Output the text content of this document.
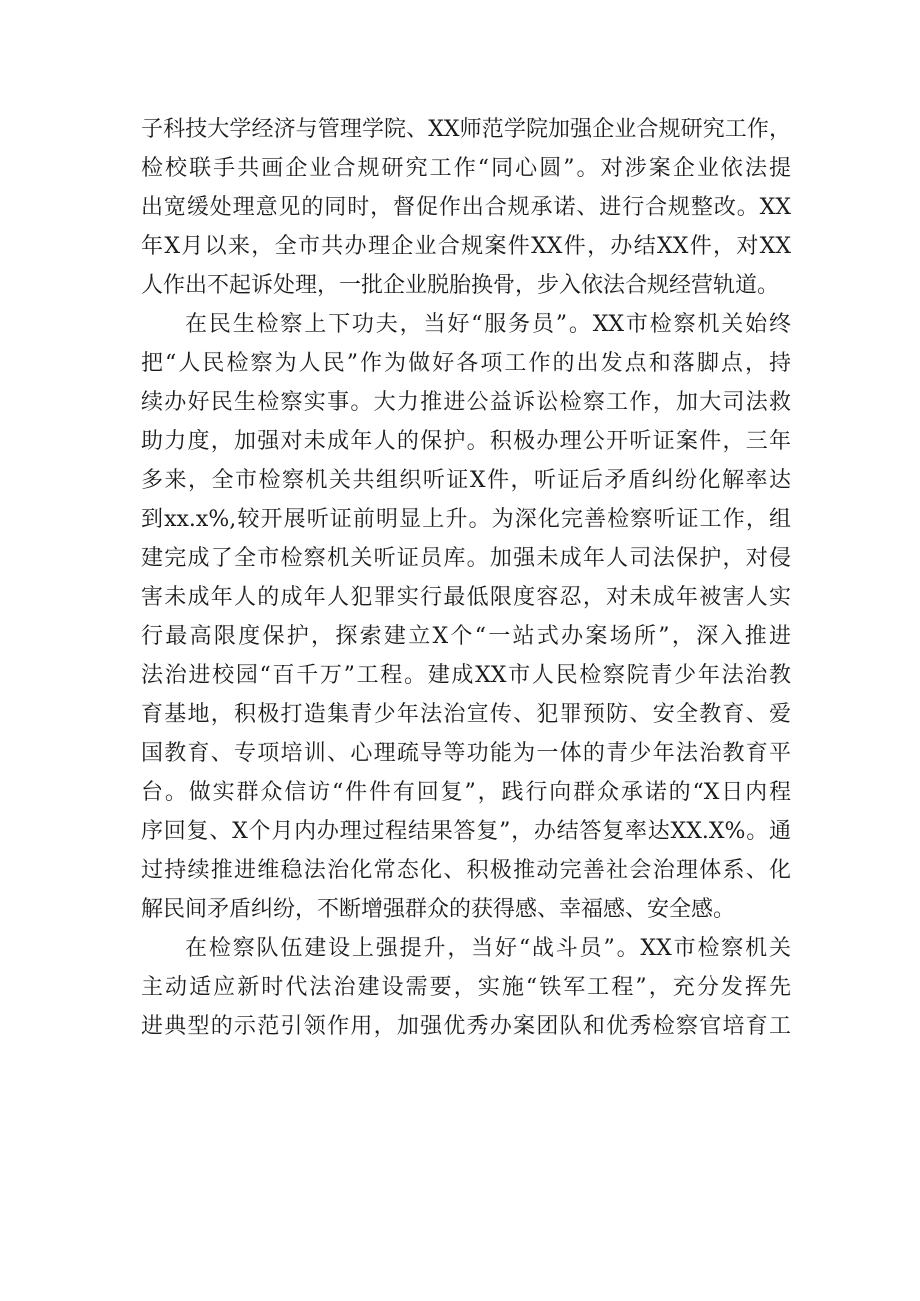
子科技大学经济与管理学院、XX师范学院加强企业合规研究工作，
检校联手共画企业合规研究工作“同心圆”。对涉案企业依法提
出宽缓处理意见的同时，督促作出合规承诺、进行合规整改。XX
年X月以来，全市共办理企业合规案件XX件，办结XX件，对XX
人作出不起诉处理，一批企业脱胎换骨，步入依法合规经营轨道。
在民生检察上下功夫，当好“服务员”。XX市检察机关始终
把“人民检察为人民”作为做好各项工作的出发点和落脚点，持
续办好民生检察实事。大力推进公益诉讼检察工作，加大司法救
助力度，加强对未成年人的保护。积极办理公开听证案件，三年
多来，全市检察机关共组织听证X件，听证后矛盾纠纷化解率达
到xx.x%,较开展听证前明显上升。为深化完善检察听证工作，组
建完成了全市检察机关听证员库。加强未成年人司法保护，对侵
害未成年人的成年人犯罪实行最低限度容忍，对未成年被害人实
行最高限度保护，探索建立X个“一站式办案场所”，深入推进
法治进校园“百千万”工程。建成XX市人民检察院青少年法治教
育基地，积极打造集青少年法治宣传、犯罪预防、安全教育、爱
国教育、专项培训、心理疏导等功能为一体的青少年法治教育平
台。做实群众信访“件件有回复”，践行向群众承诺的“X日内程
序回复、X个月内办理过程结果答复”，办结答复率达XX.X%。通
过持续推进维稳法治化常态化、积极推动完善社会治理体系、化
解民间矛盾纠纷，不断增强群众的获得感、幸福感、安全感。
在检察队伍建设上强提升，当好“战斗员”。XX市检察机关
主动适应新时代法治建设需要，实施“铁军工程”，充分发挥先
进典型的示范引领作用，加强优秀办案团队和优秀检察官培育工
